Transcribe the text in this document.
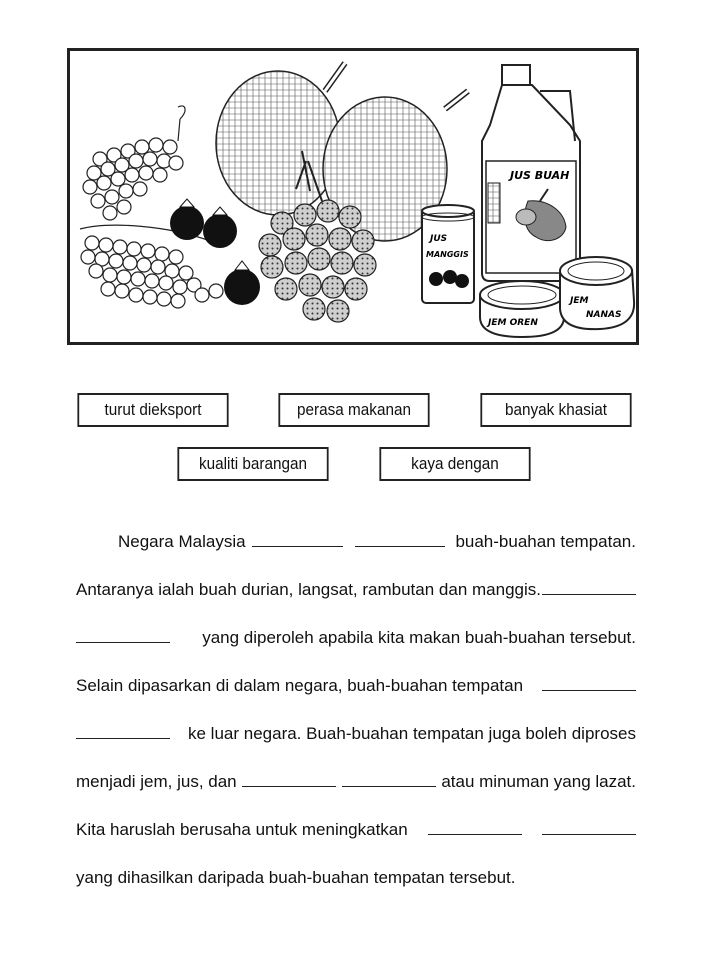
JUS
MANGGIS
JUS BUAH
JEM OREN
JEM
NANAS
turut dieksport	perasa makanan	banyak khasiat
kualiti barangan	kaya dengan
Negara Malaysia	buah-buahan tempatan.
Antaranya ialah buah durian, langsat, rambutan dan manggis.
yang diperoleh apabila kita makan buah-buahan tersebut.
Selain dipasarkan di dalam negara, buah-buahan tempatan
ke luar negara. Buah-buahan tempatan juga boleh diproses
menjadi jem, jus, dan	atau minuman yang lazat.
Kita haruslah berusaha untuk meningkatkan
yang dihasilkan daripada buah-buahan tempatan tersebut.
